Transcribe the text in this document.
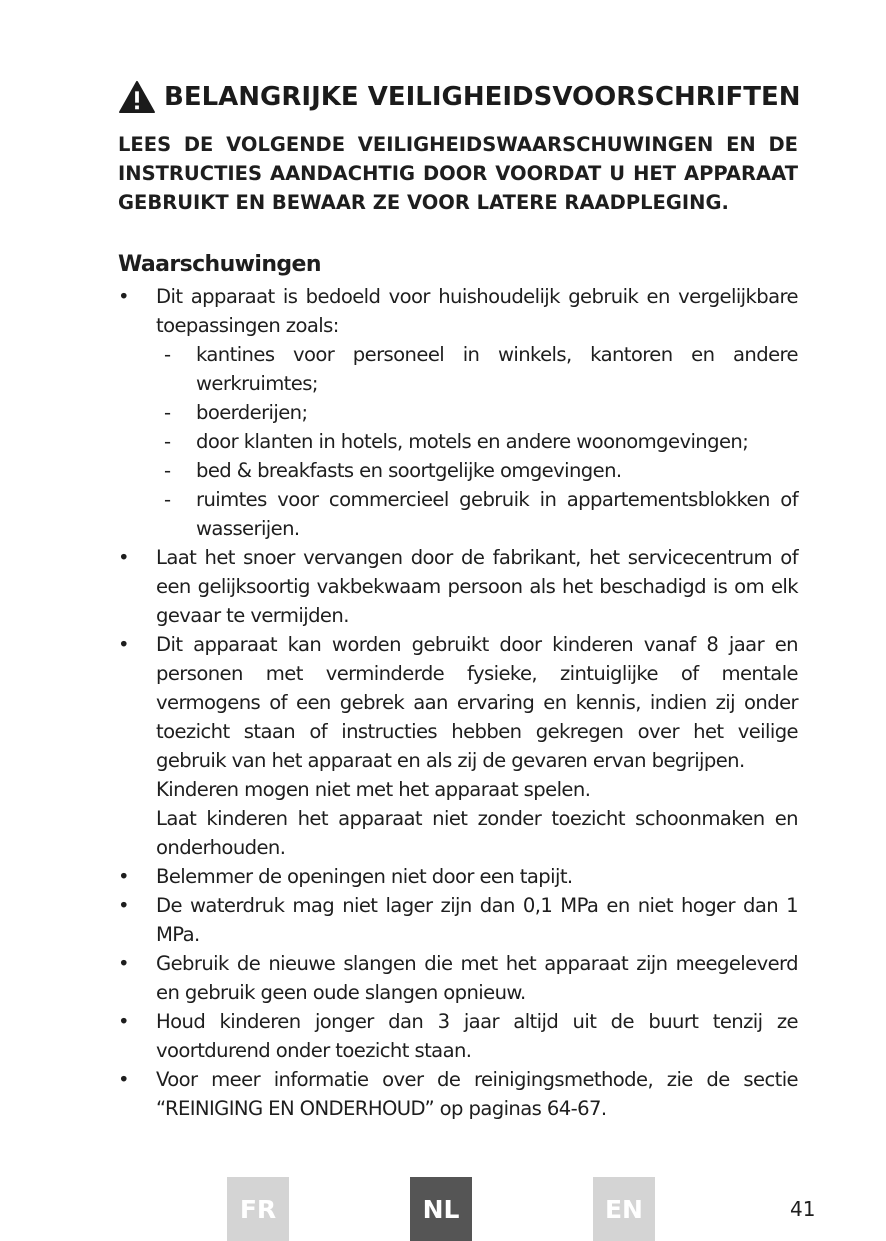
BELANGRIJKE VEILIGHEIDSVOORSCHRIFTEN
LEES DE VOLGENDE VEILIGHEIDSWAARSCHUWINGEN EN DE INSTRUCTIES AANDACHTIG DOOR VOORDAT U HET APPARAAT GEBRUIKT EN BEWAAR ZE VOOR LATERE RAADPLEGING.
Waarschuwingen
•	Dit apparaat is bedoeld voor huishoudelijk gebruik en vergelijkbare toepassingen zoals:
- kantines voor personeel in winkels, kantoren en andere werkruimtes;
- boerderijen;
- door klanten in hotels, motels en andere woonomgevingen;
- bed & breakfasts en soortgelijke omgevingen.
- ruimtes voor commercieel gebruik in appartementsblokken of wasserijen.
•	Laat het snoer vervangen door de fabrikant, het servicecentrum of een gelijksoortig vakbekwaam persoon als het beschadigd is om elk gevaar te vermijden.
•	Dit apparaat kan worden gebruikt door kinderen vanaf 8 jaar en personen met verminderde fysieke, zintuiglijke of mentale vermogens of een gebrek aan ervaring en kennis, indien zij onder toezicht staan of instructies hebben gekregen over het veilige gebruik van het apparaat en als zij de gevaren ervan begrijpen.
Kinderen mogen niet met het apparaat spelen.
Laat kinderen het apparaat niet zonder toezicht schoonmaken en onderhouden.
•	Belemmer de openingen niet door een tapijt.
•	De waterdruk mag niet lager zijn dan 0,1 MPa en niet hoger dan 1 MPa.
•	Gebruik de nieuwe slangen die met het apparaat zijn meegeleverd en gebruik geen oude slangen opnieuw.
•	Houd kinderen jonger dan 3 jaar altijd uit de buurt tenzij ze voortdurend onder toezicht staan.
•	Voor meer informatie over de reinigingsmethode, zie de sectie “REINIGING EN ONDERHOUD” op paginas 64-67.
FR	NL	EN	41
